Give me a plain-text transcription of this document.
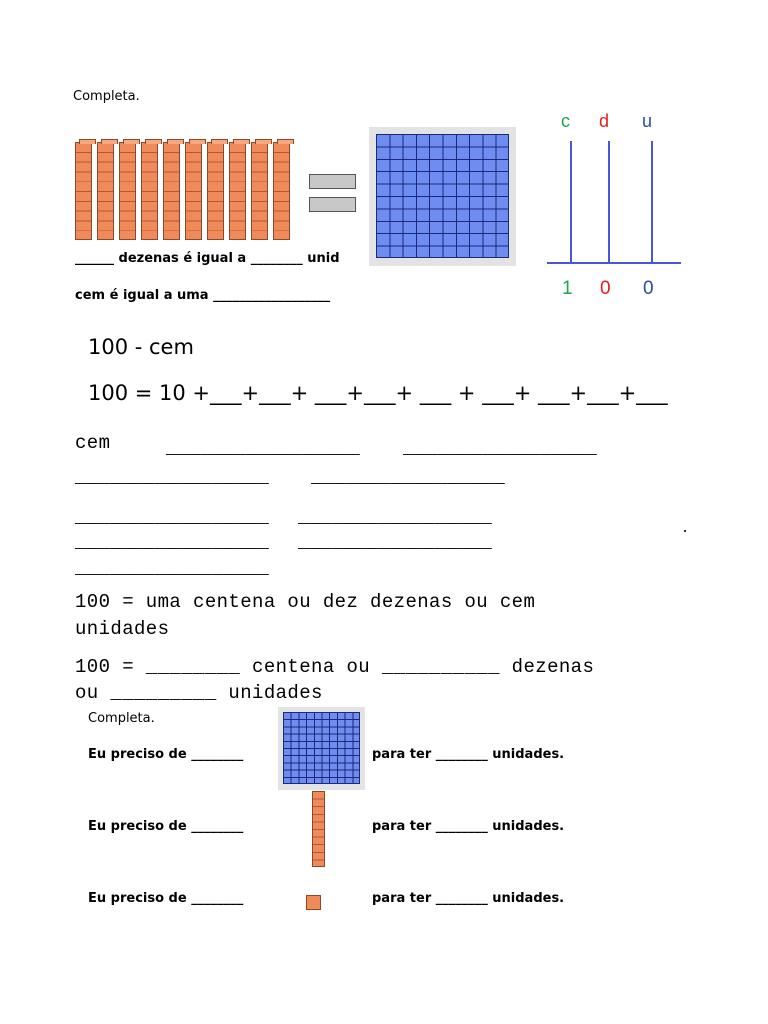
Completa.
______ dezenas é igual a ________ unid
cem é igual a uma __________________
c d u
1 0 0
100 - cem
100 = 10 +___+___+ ___+___+ ___ + ___+ ___+___+___
cem	_________________ _________________
_________________ _________________
_________________ _________________
_________________ _________________
_________________
100 = uma centena ou dez dezenas ou cem
unidades
100 = ________ centena ou __________ dezenas
ou _________ unidades
Completa.
Eu preciso de ________	para ter ________ unidades.
Eu preciso de ________	para ter ________ unidades.
Eu preciso de ________	para ter ________ unidades.
